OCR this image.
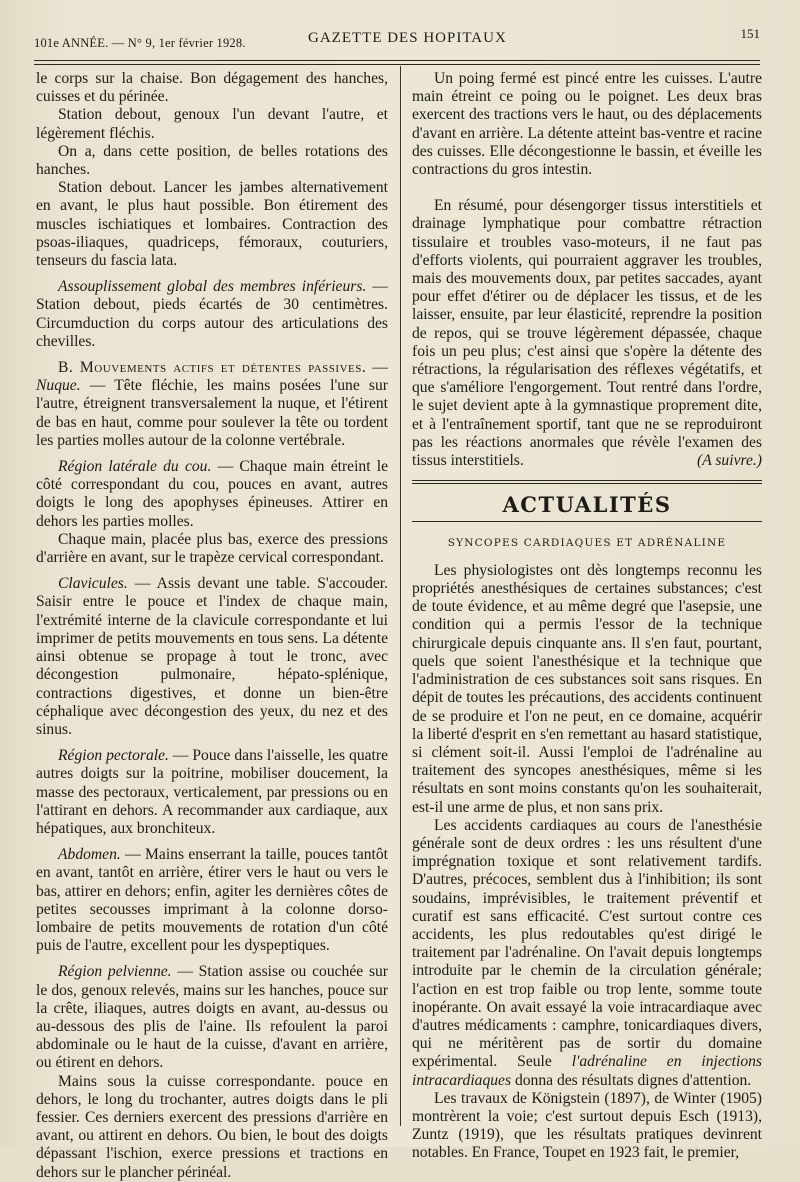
101e ANNÉE. — N° 9, 1er février 1928.	GAZETTE DES HOPITAUX	151

le corps sur la chaise. Bon dégagement des hanches, cuisses et du périnée.

Station debout, genoux l'un devant l'autre, et légèrement fléchis.

On a, dans cette position, de belles rotations des hanches.

Station debout. Lancer les jambes alternativement en avant, le plus haut possible. Bon étirement des muscles ischiatiques et lombaires. Contraction des psoas-iliaques, quadriceps, fémoraux, couturiers, tenseurs du fascia lata.

Assouplissement global des membres inférieurs. — Station debout, pieds écartés de 30 centimètres. Circumduction du corps autour des articulations des chevilles.

B. Mouvements actifs et détentes passives. — Nuque. — Tête fléchie, les mains posées l'une sur l'autre, étreignent transversalement la nuque, et l'étirent de bas en haut, comme pour soulever la tête ou tordent les parties molles autour de la colonne vertébrale.

Région latérale du cou. — Chaque main étreint le côté correspondant du cou, pouces en avant, autres doigts le long des apophyses épineuses. Attirer en dehors les parties molles.

Chaque main, placée plus bas, exerce des pressions d'arrière en avant, sur le trapèze cervical correspondant.

Clavicules. — Assis devant une table. S'accouder. Saisir entre le pouce et l'index de chaque main, l'extrémité interne de la clavicule correspondante et lui imprimer de petits mouvements en tous sens. La détente ainsi obtenue se propage à tout le tronc, avec décongestion pulmonaire, hépato-splénique, contractions digestives, et donne un bien-être céphalique avec décongestion des yeux, du nez et des sinus.

Région pectorale. — Pouce dans l'aisselle, les quatre autres doigts sur la poitrine, mobiliser doucement, la masse des pectoraux, verticalement, par pressions ou en l'attirant en dehors. A recommander aux cardiaque, aux hépatiques, aux bronchiteux.

Abdomen. — Mains enserrant la taille, pouces tantôt en avant, tantôt en arrière, étirer vers le haut ou vers le bas, attirer en dehors; enfin, agiter les dernières côtes de petites secousses imprimant à la colonne dorso-lombaire de petits mouvements de rotation d'un côté puis de l'autre, excellent pour les dyspeptiques.

Région pelvienne. — Station assise ou couchée sur le dos, genoux relevés, mains sur les hanches, pouce sur la crête, iliaques, autres doigts en avant, au-dessus ou au-dessous des plis de l'aine. Ils refoulent la paroi abdominale ou le haut de la cuisse, d'avant en arrière, ou étirent en dehors.

Mains sous la cuisse correspondante. pouce en dehors, le long du trochanter, autres doigts dans le pli fessier. Ces derniers exercent des pressions d'arrière en avant, ou attirent en dehors. Ou bien, le bout des doigts dépassant l'ischion, exerce pressions et tractions en dehors sur le plancher périnéal.

Un poing fermé est pincé entre les cuisses. L'autre main étreint ce poing ou le poignet. Les deux bras exercent des tractions vers le haut, ou des déplacements d'avant en arrière. La détente atteint bas-ventre et racine des cuisses. Elle décongestionne le bassin, et éveille les contractions du gros intestin.

En résumé, pour désengorger tissus interstitiels et drainage lymphatique pour combattre rétraction tissulaire et troubles vaso-moteurs, il ne faut pas d'efforts violents, qui pourraient aggraver les troubles, mais des mouvements doux, par petites saccades, ayant pour effet d'étirer ou de déplacer les tissus, et de les laisser, ensuite, par leur élasticité, reprendre la position de repos, qui se trouve légèrement dépassée, chaque fois un peu plus; c'est ainsi que s'opère la détente des rétractions, la régularisation des réflexes végétatifs, et que s'améliore l'engorgement. Tout rentré dans l'ordre, le sujet devient apte à la gymnastique proprement dite, et à l'entraînement sportif, tant que ne se reproduiront pas les réactions anormales que révèle l'examen des tissus interstitiels.	(A suivre.)

ACTUALITÉS
SYNCOPES CARDIAQUES ET ADRÉNALINE

Les physiologistes ont dès longtemps reconnu les propriétés anesthésiques de certaines substances; c'est de toute évidence, et au même degré que l'asepsie, une condition qui a permis l'essor de la technique chirurgicale depuis cinquante ans. Il s'en faut, pourtant, quels que soient l'anesthésique et la technique que l'administration de ces substances soit sans risques. En dépit de toutes les précautions, des accidents continuent de se produire et l'on ne peut, en ce domaine, acquérir la liberté d'esprit en s'en remettant au hasard statistique, si clément soit-il. Aussi l'emploi de l'adrénaline au traitement des syncopes anesthésiques, même si les résultats en sont moins constants qu'on les souhaiterait, est-il une arme de plus, et non sans prix.

Les accidents cardiaques au cours de l'anesthésie générale sont de deux ordres : les uns résultent d'une imprégnation toxique et sont relativement tardifs. D'autres, précoces, semblent dus à l'inhibition; ils sont soudains, imprévisibles, le traitement préventif et curatif est sans efficacité. C'est surtout contre ces accidents, les plus redoutables qu'est dirigé le traitement par l'adrénaline. On l'avait depuis longtemps introduite par le chemin de la circulation générale; l'action en est trop faible ou trop lente, somme toute inopérante. On avait essayé la voie intracardiaque avec d'autres médicaments : camphre, tonicardiaques divers, qui ne méritèrent pas de sortir du domaine expérimental. Seule l'adrénaline en injections intracardiaques donna des résultats dignes d'attention.

Les travaux de Königstein (1897), de Winter (1905) montrèrent la voie; c'est surtout depuis Esch (1913), Zuntz (1919), que les résultats pratiques devinrent notables. En France, Toupet en 1923 fait, le premier,
